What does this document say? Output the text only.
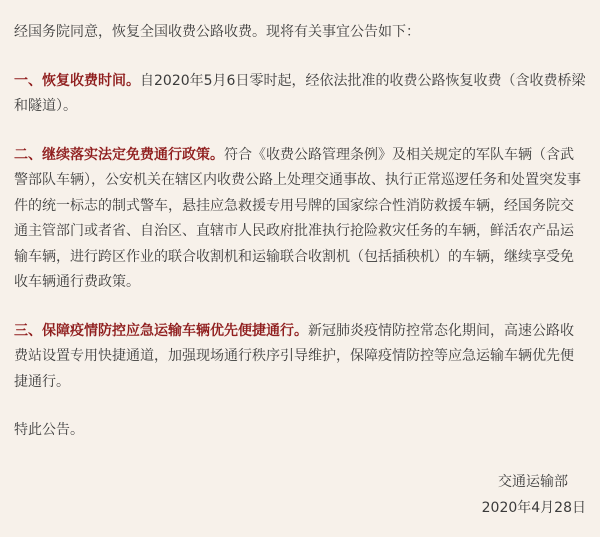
经国务院同意，恢复全国收费公路收费。现将有关事宜公告如下：

一、恢复收费时间。自2020年5月6日零时起，经依法批准的收费公路恢复收费（含收费桥梁和隧道）。

二、继续落实法定免费通行政策。符合《收费公路管理条例》及相关规定的军队车辆（含武警部队车辆），公安机关在辖区内收费公路上处理交通事故、执行正常巡逻任务和处置突发事件的统一标志的制式警车，悬挂应急救援专用号牌的国家综合性消防救援车辆，经国务院交通主管部门或者省、自治区、直辖市人民政府批准执行抢险救灾任务的车辆，鲜活农产品运输车辆，进行跨区作业的联合收割机和运输联合收割机（包括插秧机）的车辆，继续享受免收车辆通行费政策。

三、保障疫情防控应急运输车辆优先便捷通行。新冠肺炎疫情防控常态化期间，高速公路收费站设置专用快捷通道，加强现场通行秩序引导维护，保障疫情防控等应急运输车辆优先便捷通行。

特此公告。

交通运输部
2020年4月28日
